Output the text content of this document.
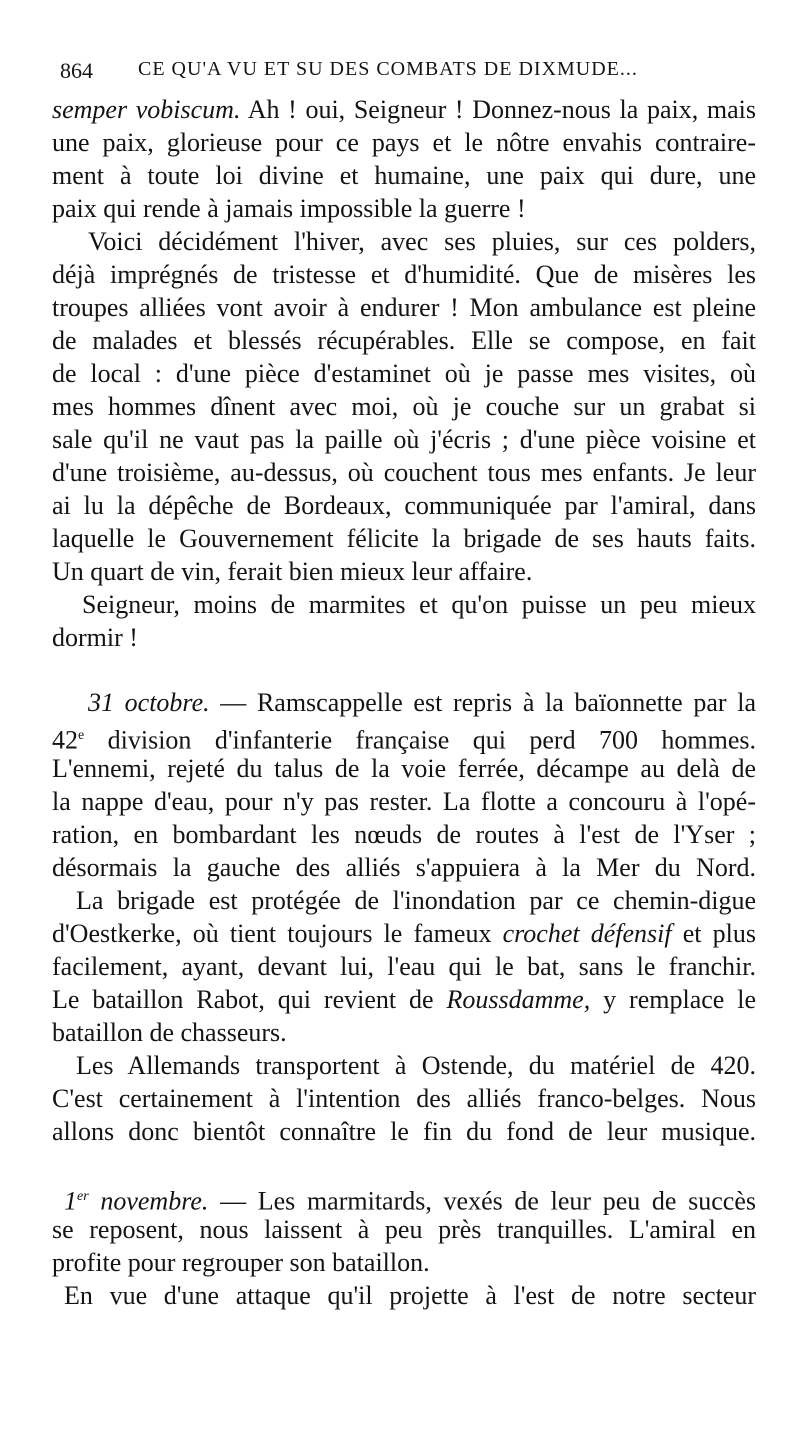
864 CE QU'A VU ET SU DES COMBATS DE DIXMUDE...
semper vobiscum. Ah ! oui, Seigneur ! Donnez-nous la paix, mais
une paix, glorieuse pour ce pays et le nôtre envahis contraire-
ment à toute loi divine et humaine, une paix qui dure, une
paix qui rende à jamais impossible la guerre !
Voici décidément l'hiver, avec ses pluies, sur ces polders,
déjà imprégnés de tristesse et d'humidité. Que de misères les
troupes alliées vont avoir à endurer ! Mon ambulance est pleine
de malades et blessés récupérables. Elle se compose, en fait
de local : d'une pièce d'estaminet où je passe mes visites, où
mes hommes dînent avec moi, où je couche sur un grabat si
sale qu'il ne vaut pas la paille où j'écris ; d'une pièce voisine et
d'une troisième, au-dessus, où couchent tous mes enfants. Je leur
ai lu la dépêche de Bordeaux, communiquée par l'amiral, dans
laquelle le Gouvernement félicite la brigade de ses hauts faits.
Un quart de vin, ferait bien mieux leur affaire.
Seigneur, moins de marmites et qu'on puisse un peu mieux
dormir !
31 octobre. — Ramscappelle est repris à la baïonnette par la
42e division d'infanterie française qui perd 700 hommes.
L'ennemi, rejeté du talus de la voie ferrée, décampe au delà de
la nappe d'eau, pour n'y pas rester. La flotte a concouru à l'opé-
ration, en bombardant les nœuds de routes à l'est de l'Yser ;
désormais la gauche des alliés s'appuiera à la Mer du Nord.
La brigade est protégée de l'inondation par ce chemin-digue
d'Oestkerke, où tient toujours le fameux crochet défensif et plus
facilement, ayant, devant lui, l'eau qui le bat, sans le franchir.
Le bataillon Rabot, qui revient de Roussdamme, y remplace le
bataillon de chasseurs.
Les Allemands transportent à Ostende, du matériel de 420.
C'est certainement à l'intention des alliés franco-belges. Nous
allons donc bientôt connaître le fin du fond de leur musique.
1er novembre. — Les marmitards, vexés de leur peu de succès
se reposent, nous laissent à peu près tranquilles. L'amiral en
profite pour regrouper son bataillon.
En vue d'une attaque qu'il projette à l'est de notre secteur
